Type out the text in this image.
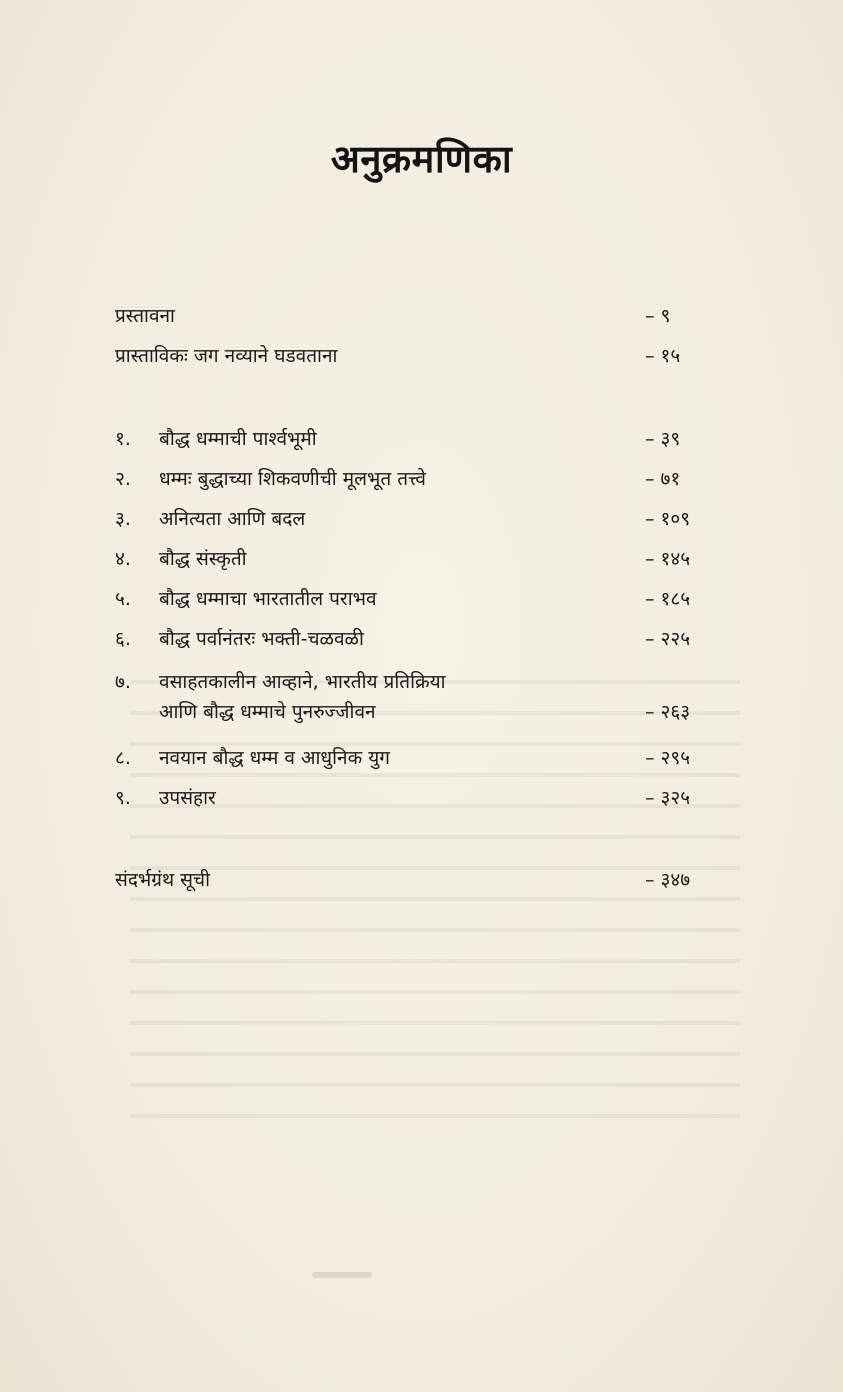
अनुक्रमणिका
प्रस्तावना	– ९
प्रास्ताविकः जग नव्याने घडवताना	– १५
१. बौद्ध धम्माची पार्श्वभूमी	– ३९
२. धम्मः बुद्धाच्या शिकवणीची मूलभूत तत्त्वे	– ७१
३. अनित्यता आणि बदल	– १०९
४. बौद्ध संस्कृती	– १४५
५. बौद्ध धम्माचा भारतातील पराभव	– १८५
६. बौद्ध पर्वानंतरः भक्ती-चळवळी	– २२५
७. वसाहतकालीन आव्हाने, भारतीय प्रतिक्रिया
आणि बौद्ध धम्माचे पुनरुज्जीवन	– २६३
८. नवयान बौद्ध धम्म व आधुनिक युग	– २९५
९. उपसंहार	– ३२५
संदर्भग्रंथ सूची	– ३४७
